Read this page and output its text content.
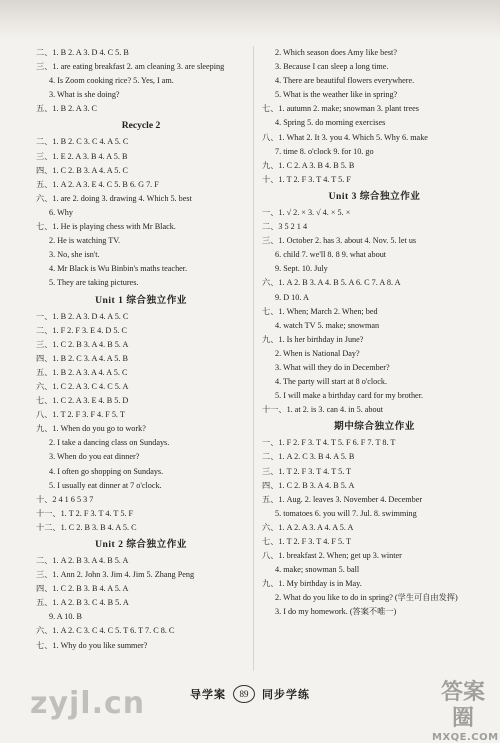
二、1. B 2. A 3. D 4. C 5. B
三、1. are eating breakfast 2. am cleaning 3. are sleeping
4. Is Zoom cooking rice? 5. Yes, I am.
3. What is she doing?
五、1. B 2. A 3. C
Recycle 2
二、1. B 2. C 3. C 4. A 5. C
三、1. E 2. A 3. B 4. A 5. B
四、1. C 2. B 3. A 4. A 5. C
五、1. A 2. A 3. E 4. C 5. B 6. G 7. F
六、1. are 2. doing 3. drawing 4. Which 5. best
6. Why
七、1. He is playing chess with Mr Black.
2. He is watching TV.
3. No, she isn't.
4. Mr Black is Wu Binbin's maths teacher.
5. They are taking pictures.
Unit 1 综合独立作业
一、1. B 2. A 3. D 4. A 5. C
二、1. F 2. F 3. E 4. D 5. C
三、1. C 2. B 3. A 4. B 5. A
四、1. B 2. C 3. A 4. A 5. B
五、1. B 2. A 3. A 4. A 5. C
六、1. C 2. A 3. C 4. C 5. A
七、1. C 2. A 3. E 4. B 5. D
八、1. T 2. F 3. F 4. F 5. T
九、1. When do you go to work?
2. I take a dancing class on Sundays.
3. When do you eat dinner?
4. I often go shopping on Sundays.
5. I usually eat dinner at 7 o'clock.
十、2 4 1 6 5 3 7
十一、1. T 2. F 3. T 4. T 5. F
十二、1. C 2. B 3. B 4. A 5. C
Unit 2 综合独立作业
二、1. A 2. B 3. A 4. B 5. A
三、1. Ann 2. John 3. Jim 4. Jim 5. Zhang Peng
四、1. C 2. B 3. B 4. A 5. A
五、1. A 2. B 3. C 4. B 5. A
9. A 10. B
六、1. A 2. C 3. C 4. C 5. T 6. T 7. C 8. C
七、1. Why do you like summer?
2. Which season does Amy like best?
3. Because I can sleep a long time.
4. There are beautiful flowers everywhere.
5. What is the weather like in spring?
七、1. autumn 2. make; snowman 3. plant trees
4. Spring 5. do morning exercises
八、1. What 2. It 3. you 4. Which 5. Why 6. make
7. time 8. o'clock 9. for 10. go
九、1. C 2. A 3. B 4. B 5. B
十、1. T 2. F 3. T 4. T 5. F
Unit 3 综合独立作业
一、1. √ 2. × 3. √ 4. × 5. ×
二、3 5 2 1 4
三、1. October 2. has 3. about 4. Nov. 5. let us
6. child 7. we'll 8. 8 9. what about
9. Sept. 10. July
六、1. A 2. B 3. A 4. B 5. A 6. C 7. A 8. A
9. D 10. A
七、1. When; March 2. When; bed
4. watch TV 5. make; snowman
九、1. Is her birthday in June?
2. When is National Day?
3. What will they do in December?
4. The party will start at 8 o'clock.
5. I will make a birthday card for my brother.
十一、1. at 2. is 3. can 4. in 5. about
期中综合独立作业
一、1. F 2. F 3. T 4. T 5. F 6. F 7. T 8. T
二、1. A 2. C 3. B 4. A 5. B
三、1. T 2. F 3. T 4. T 5. T
四、1. C 2. B 3. A 4. B 5. A
五、1. Aug. 2. leaves 3. November 4. December
5. tomatoes 6. you will 7. Jul. 8. swimming
六、1. A 2. A 3. A 4. A 5. A
七、1. T 2. F 3. T 4. F 5. T
八、1. breakfast 2. When; get up 3. winter
4. make; snowman 5. ball
九、1. My birthday is in May.
2. What do you like to do in spring? (学生可自由发挥)
3. I do my homework. (答案不唯一)
zyjl.cn	导学案 89 同步学练	答案圈
MXQE.COM
